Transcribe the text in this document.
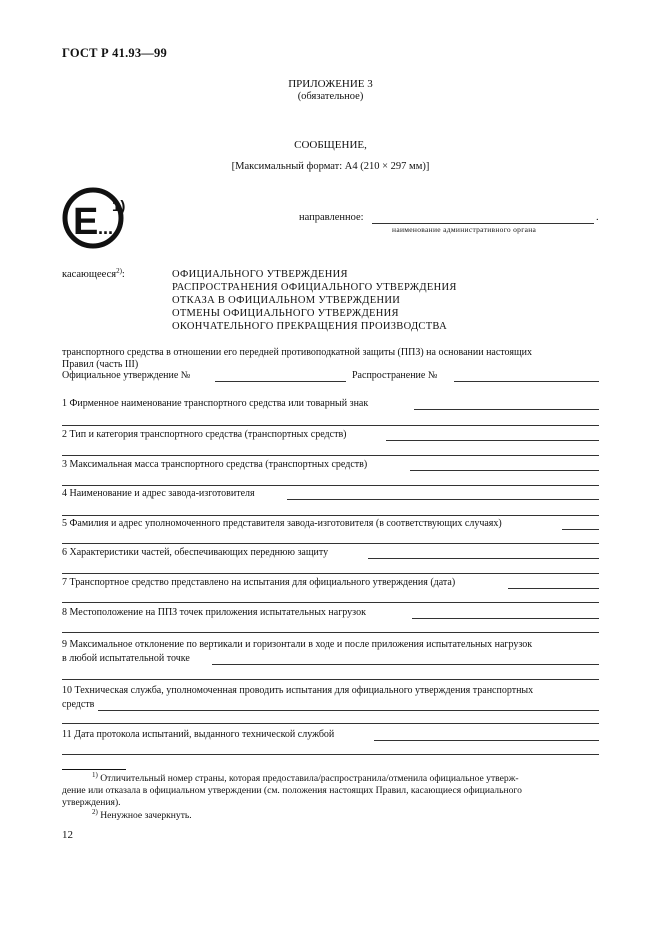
ГОСТ Р 41.93—99
ПРИЛОЖЕНИЕ 3
(обязательное)
СООБЩЕНИЕ,
[Максимальный формат: А4 (210 × 297 мм)]
E 1)
...
направленное:	.
наименование административного органа
касающееся$^{2)}$:	ОФИЦИАЛЬНОГО УТВЕРЖДЕНИЯ
РАСПРОСТРАНЕНИЯ ОФИЦИАЛЬНОГО УТВЕРЖДЕНИЯ
ОТКАЗА В ОФИЦИАЛЬНОМ УТВЕРЖДЕНИИ
ОТМЕНЫ ОФИЦИАЛЬНОГО УТВЕРЖДЕНИЯ
ОКОНЧАТЕЛЬНОГО ПРЕКРАЩЕНИЯ ПРОИЗВОДСТВА
транспортного средства в отношении его передней противоподкатной защиты (ППЗ) на основании настоящих
Правил (часть III)
Официальное утверждение №	Распространение №
1 Фирменное наименование транспортного средства или товарный знак
2 Тип и категория транспортного средства (транспортных средств)
3 Максимальная масса транспортного средства (транспортных средств)
4 Наименование и адрес завода-изготовителя
5 Фамилия и адрес уполномоченного представителя завода-изготовителя (в соответствующих случаях)
6 Характеристики частей, обеспечивающих переднюю защиту
7 Транспортное средство представлено на испытания для официального утверждения (дата)
8 Местоположение на ППЗ точек приложения испытательных нагрузок
9 Максимальное отклонение по вертикали и горизонтали в ходе и после приложения испытательных нагрузок
в любой испытательной точке
10 Техническая служба, уполномоченная проводить испытания для официального утверждения транспортных
средств
11 Дата протокола испытаний, выданного технической службой
$^{1)}$ Отличительный номер страны, которая предоставила/распространила/отменила официальное утверж-
дение или отказала в официальном утверждении (см. положения настоящих Правил, касающиеся официального
утверждения).
$^{2)}$ Ненужное зачеркнуть.
12
